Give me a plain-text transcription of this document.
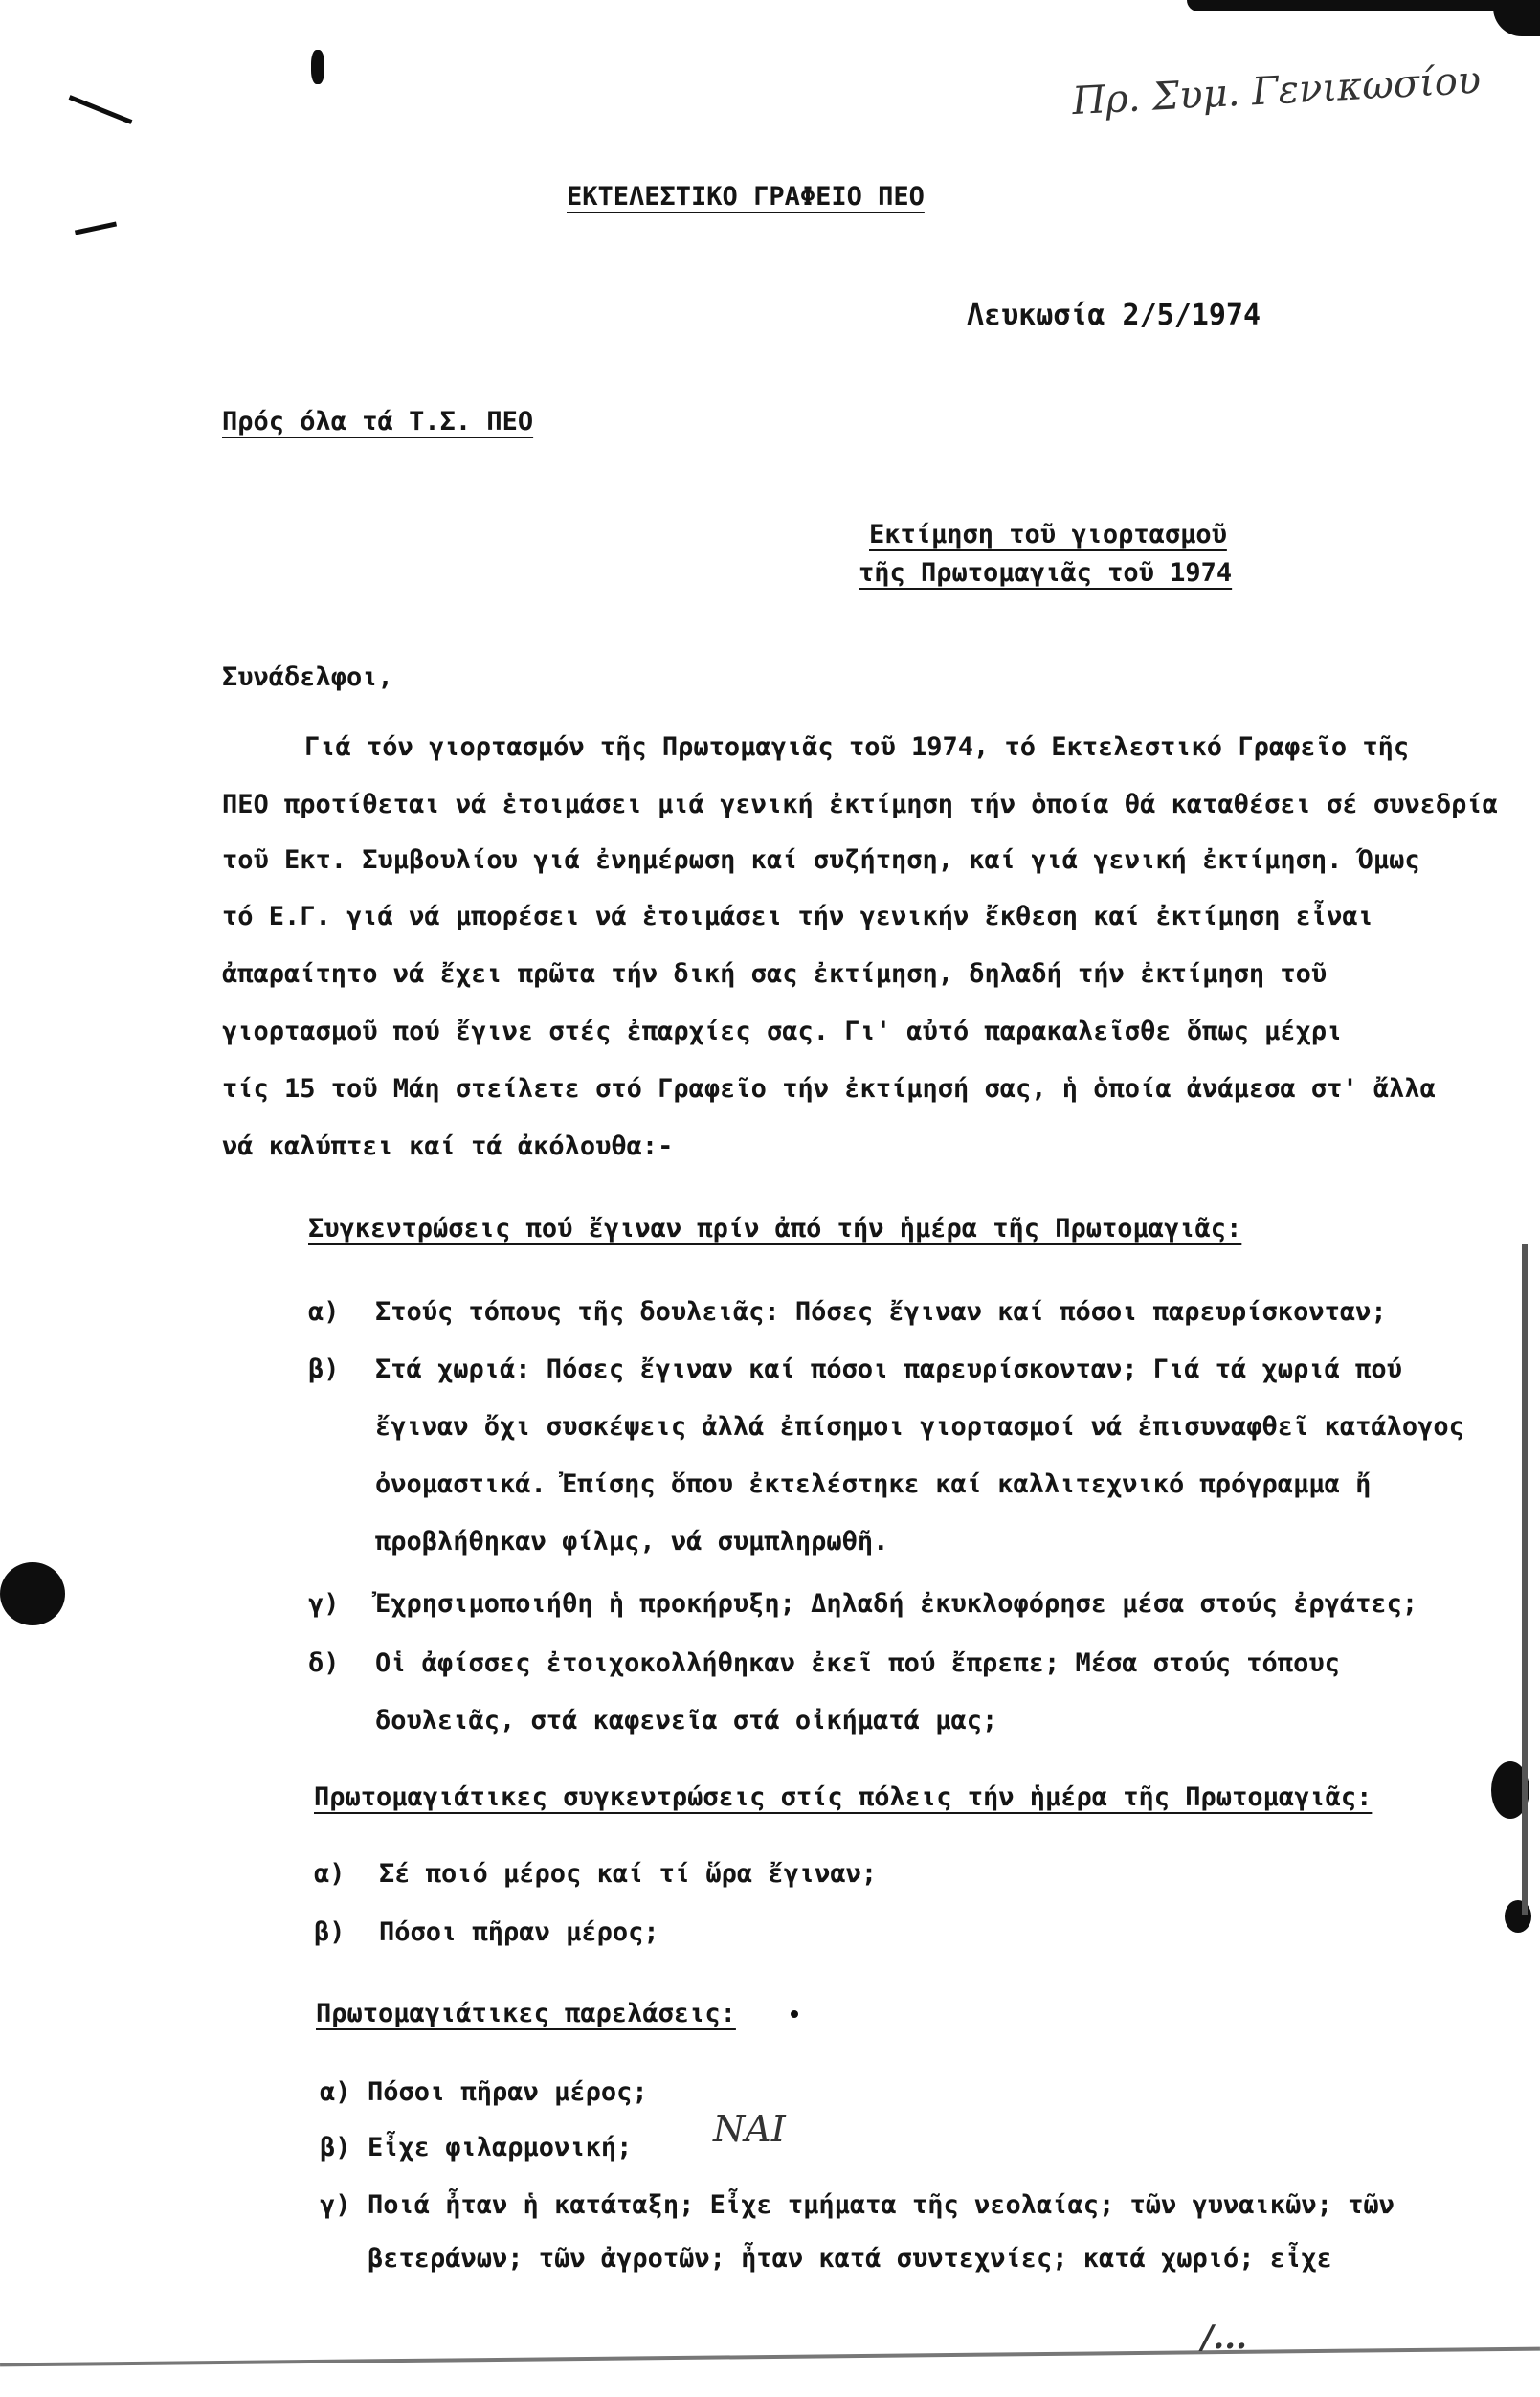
Πρ. Συμ. Γενικωσίου
ΝΑΙ
/...
ΕΚΤΕΛΕΣΤΙΚΟ ΓΡΑΦΕΙΟ ΠΕΟ
Λευκωσία 2/5/1974
Πρός όλα τά Τ.Σ. ΠΕΟ
Εκτίμηση τοῦ γιορτασμοῦ
τῆς Πρωτομαγιᾶς τοῦ 1974
Συνάδελφοι,
Γιά τόν γιορτασμόν τῆς Πρωτομαγιᾶς τοῦ 1974, τό Εκτελεστικό Γραφεῖο τῆς
ΠΕΟ προτίθεται νά ἑτοιμάσει μιά γενική ἐκτίμηση τήν ὁποία θά καταθέσει σέ συνεδρία
τοῦ Εκτ. Συμβουλίου γιά ἐνημέρωση καί συζήτηση, καί γιά γενική ἐκτίμηση. Όμως
τό Ε.Γ. γιά νά μπορέσει νά ἑτοιμάσει τήν γενικήν ἔκθεση καί ἐκτίμηση εἶναι
ἀπαραίτητο νά ἔχει πρῶτα τήν δική σας ἐκτίμηση, δηλαδή τήν ἐκτίμηση τοῦ
γιορτασμοῦ πού ἔγινε στές ἐπαρχίες σας. Γι' αὐτό παρακαλεῖσθε ὅπως μέχρι
τίς 15 τοῦ Μάη στείλετε στό Γραφεῖο τήν ἐκτίμησή σας, ἡ ὁποία ἀνάμεσα στ' ἄλλα
νά καλύπτει καί τά ἀκόλουθα:-
Συγκεντρώσεις πού ἔγιναν πρίν ἀπό τήν ἡμέρα τῆς Πρωτομαγιᾶς:
α) Στούς τόπους τῆς δουλειᾶς: Πόσες ἔγιναν καί πόσοι παρευρίσκονταν;
β) Στά χωριά: Πόσες ἔγιναν καί πόσοι παρευρίσκονταν; Γιά τά χωριά πού
ἔγιναν ὄχι συσκέψεις ἀλλά ἐπίσημοι γιορτασμοί νά ἐπισυναφθεῖ κατάλογος
ὀνομαστικά. Ἐπίσης ὅπου ἐκτελέστηκε καί καλλιτεχνικό πρόγραμμα ἤ
προβλήθηκαν φίλμς, νά συμπληρωθῆ.
γ) Ἐχρησιμοποιήθη ἡ προκήρυξη; Δηλαδή ἐκυκλοφόρησε μέσα στούς ἐργάτες;
δ) Οἱ ἀφίσσες ἐτοιχοκολλήθηκαν ἐκεῖ πού ἔπρεπε; Μέσα στούς τόπους
δουλειᾶς, στά καφενεῖα στά οἰκήματά μας;
Πρωτομαγιάτικες συγκεντρώσεις στίς πόλεις τήν ἡμέρα τῆς Πρωτομαγιᾶς:
α) Σέ ποιό μέρος καί τί ὥρα ἔγιναν;
β) Πόσοι πῆραν μέρος;
Πρωτομαγιάτικες παρελάσεις:
α) Πόσοι πῆραν μέρος;
β) Εἶχε φιλαρμονική;
γ) Ποιά ἦταν ἡ κατάταξη; Εἶχε τμήματα τῆς νεολαίας; τῶν γυναικῶν; τῶν
βετεράνων; τῶν ἀγροτῶν; ἦταν κατά συντεχνίες; κατά χωριό; εἶχε
